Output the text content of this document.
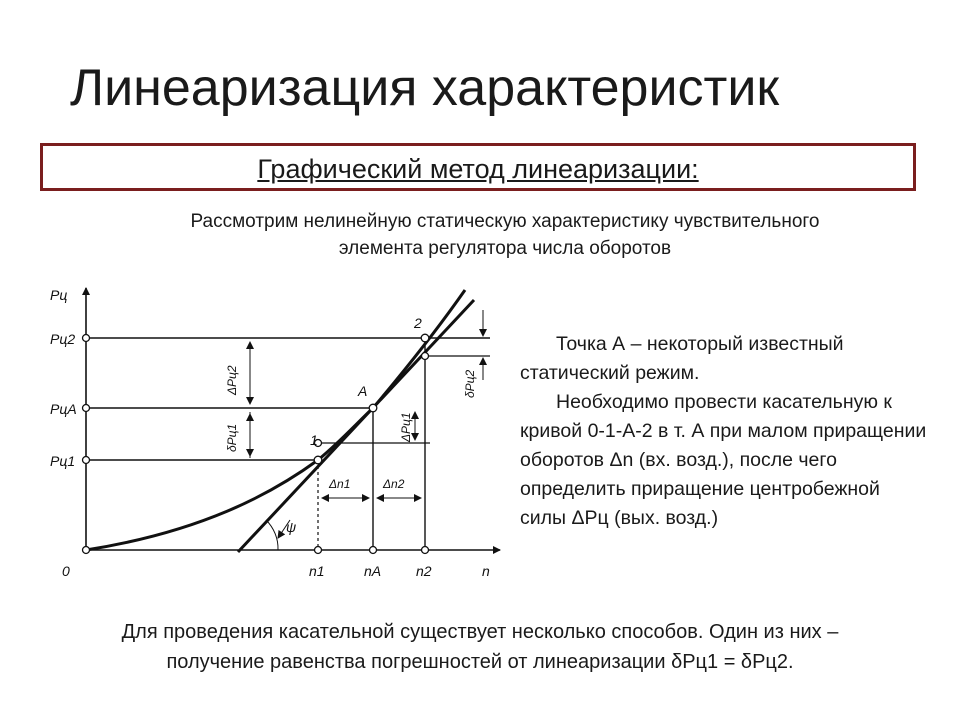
Линеаризация характеристик
Графический метод линеаризации:
Рассмотрим нелинейную статическую характеристику чувствительного
элемента регулятора числа оборотов
Pц
n
0
Pц2
PцA
Pц1
n1	nA n2
1
A
2
ΔPц2
δPц1	ΔPц1
δPц2
Δn1	Δn2
ψ

Точка А – некоторый известный статический режим.

Необходимо провести касательную к кривой 0-1-А-2 в т. А при малом приращении оборотов Δn (вх. возд.), после чего определить приращение центробежной силы ΔРц (вых. возд.)

Для проведения касательной существует несколько способов. Один из них –
получение равенства погрешностей от линеаризации δРц1 = δРц2.
